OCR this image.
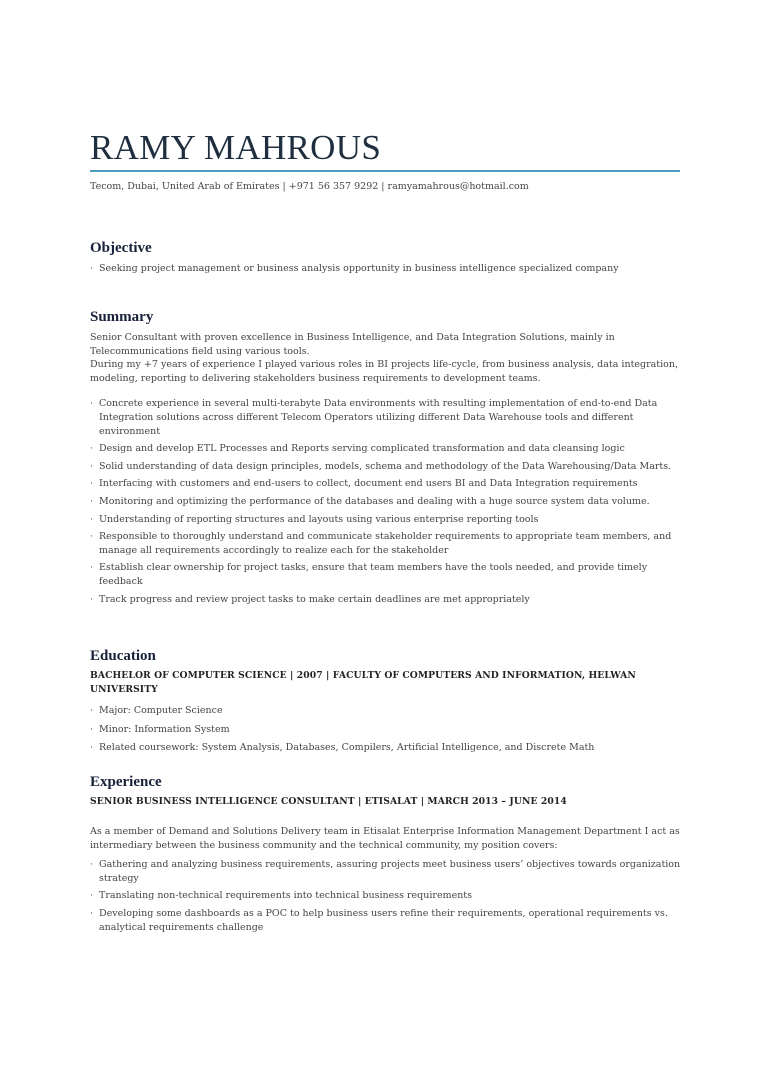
RAMY MAHROUS
Tecom, Dubai, United Arab of Emirates | +971 56 357 9292 | ramyamahrous@hotmail.com
Objective
· Seeking project management or business analysis opportunity in business intelligence specialized company
Summary

Senior Consultant with proven excellence in Business Intelligence, and Data Integration Solutions, mainly in Telecommunications field using various tools.

During my +7 years of experience I played various roles in BI projects life-cycle, from business analysis, data integration, modeling, reporting to delivering stakeholders business requirements to development teams.

· Concrete experience in several multi-terabyte Data environments with resulting implementation of end-to-end Data Integration solutions across different Telecom Operators utilizing different Data Warehouse tools and different environment
· Design and develop ETL Processes and Reports serving complicated transformation and data cleansing logic
· Solid understanding of data design principles, models, schema and methodology of the Data Warehousing/Data Marts.
· Interfacing with customers and end-users to collect, document end users BI and Data Integration requirements
· Monitoring and optimizing the performance of the databases and dealing with a huge source system data volume.
· Understanding of reporting structures and layouts using various enterprise reporting tools
· Responsible to thoroughly understand and communicate stakeholder requirements to appropriate team members, and manage all requirements accordingly to realize each for the stakeholder
· Establish clear ownership for project tasks, ensure that team members have the tools needed, and provide timely feedback
· Track progress and review project tasks to make certain deadlines are met appropriately
Education

BACHELOR OF COMPUTER SCIENCE | 2007 | FACULTY OF COMPUTERS AND INFORMATION, HELWAN UNIVERSITY

· Major: Computer Science
· Minor: Information System
· Related coursework: System Analysis, Databases, Compilers, Artificial Intelligence, and Discrete Math
Experience

SENIOR BUSINESS INTELLIGENCE CONSULTANT | ETISALAT | MARCH 2013 – JUNE 2014

As a member of Demand and Solutions Delivery team in Etisalat Enterprise Information Management Department I act as intermediary between the business community and the technical community, my position covers:

· Gathering and analyzing business requirements, assuring projects meet business users’ objectives towards organization strategy
· Translating non-technical requirements into technical business requirements
· Developing some dashboards as a POC to help business users refine their requirements, operational requirements vs. analytical requirements challenge
